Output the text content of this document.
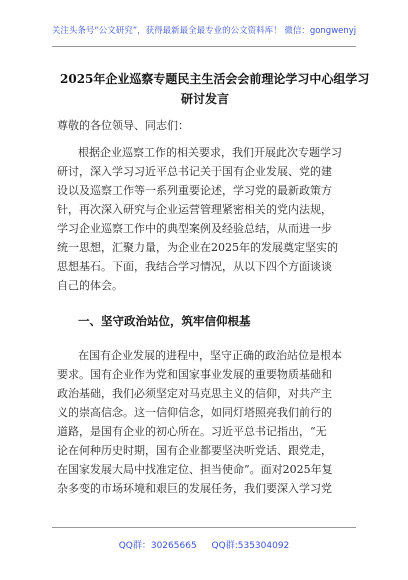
关注头条号“公文研究”，获得最新最全最专业的公文资料库！ 微信：gongwenyj
2025年企业巡察专题民主生活会会前理论学习中心组学习
研讨发言
尊敬的各位领导、同志们：
根据企业巡察工作的相关要求，我们开展此次专题学习
研讨，深入学习习近平总书记关于国有企业发展、党的建
设以及巡察工作等一系列重要论述，学习党的最新政策方
针，再次深入研究与企业运营管理紧密相关的党内法规，
学习企业巡察工作中的典型案例及经验总结，从而进一步
统一思想，汇聚力量，为企业在2025年的发展奠定坚实的
思想基石。下面，我结合学习情况，从以下四个方面谈谈
自己的体会。
一、坚守政治站位，筑牢信仰根基
在国有企业发展的进程中，坚守正确的政治站位是根本
要求。国有企业作为党和国家事业发展的重要物质基础和
政治基础，我们必须坚定对马克思主义的信仰，对共产主
义的崇高信念。这一信仰信念，如同灯塔照亮我们前行的
道路，是国有企业的初心所在。习近平总书记指出，“无
论在何种历史时期，国有企业都要坚决听党话、跟党走，
在国家发展大局中找准定位、担当使命”。面对2025年复
杂多变的市场环境和艰巨的发展任务，我们要深入学习党
QQ群：30265665 QQ群:535304092
